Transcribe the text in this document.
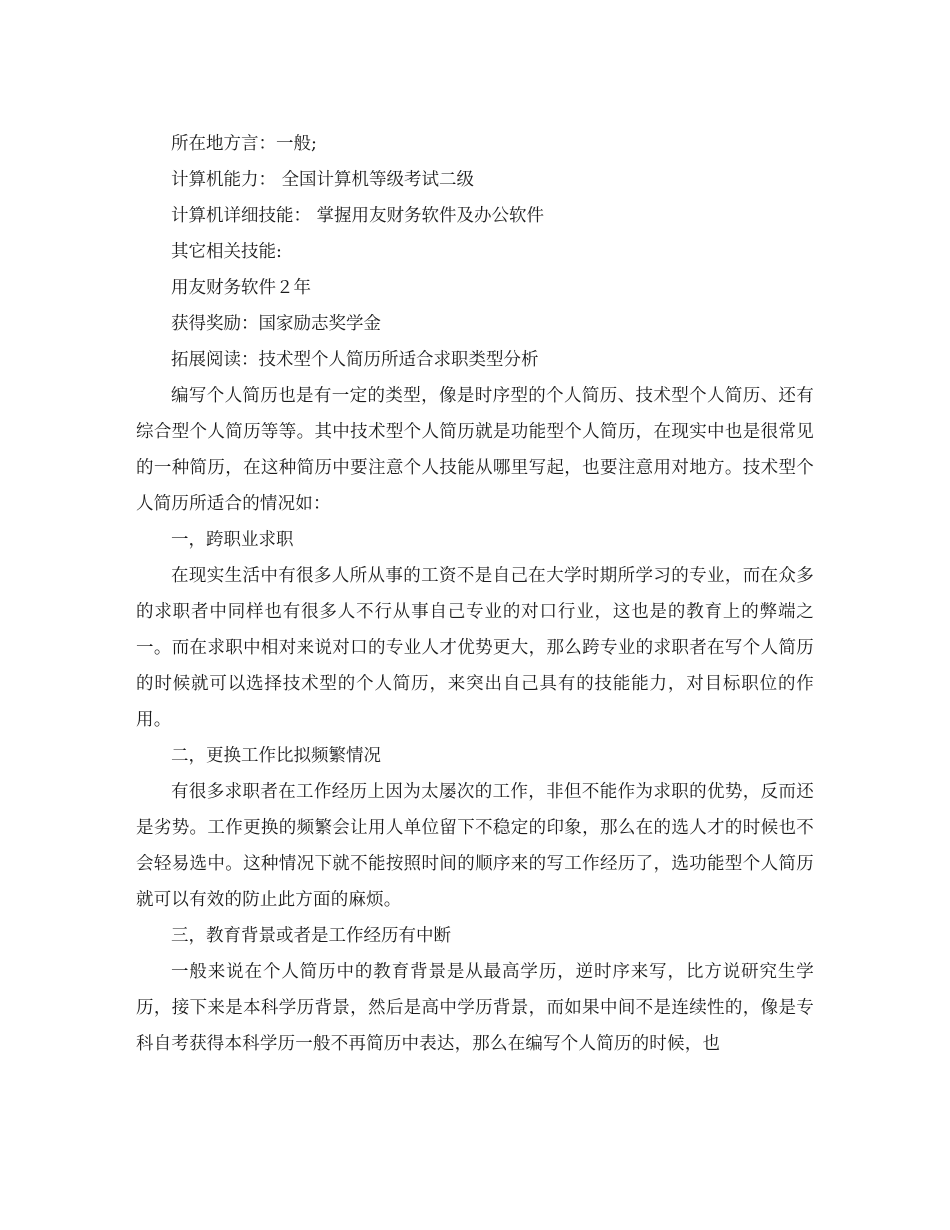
所在地方言：一般;

计算机能力： 全国计算机等级考试二级

计算机详细技能： 掌握用友财务软件及办公软件

其它相关技能:

用友财务软件２年

获得奖励：国家励志奖学金

拓展阅读：技术型个人简历所适合求职类型分析

编写个人简历也是有一定的类型，像是时序型的个人简历、技术型个人简历、还有综合型个人简历等等。其中技术型个人简历就是功能型个人简历，在现实中也是很常见的一种简历，在这种简历中要注意个人技能从哪里写起，也要注意用对地方。技术型个人简历所适合的情况如：

一，跨职业求职

在现实生活中有很多人所从事的工资不是自己在大学时期所学习的专业，而在众多的求职者中同样也有很多人不行从事自己专业的对口行业，这也是的教育上的弊端之一。而在求职中相对来说对口的专业人才优势更大，那么跨专业的求职者在写个人简历的时候就可以选择技术型的个人简历，来突出自己具有的技能能力，对目标职位的作用。

二，更换工作比拟频繁情况

有很多求职者在工作经历上因为太屡次的工作，非但不能作为求职的优势，反而还是劣势。工作更换的频繁会让用人单位留下不稳定的印象，那么在的选人才的时候也不会轻易选中。这种情况下就不能按照时间的顺序来的写工作经历了，选功能型个人简历就可以有效的防止此方面的麻烦。

三，教育背景或者是工作经历有中断

一般来说在个人简历中的教育背景是从最高学历，逆时序来写，比方说研究生学历，接下来是本科学历背景，然后是高中学历背景，而如果中间不是连续性的，像是专科自考获得本科学历一般不再简历中表达，那么在编写个人简历的时候，也
